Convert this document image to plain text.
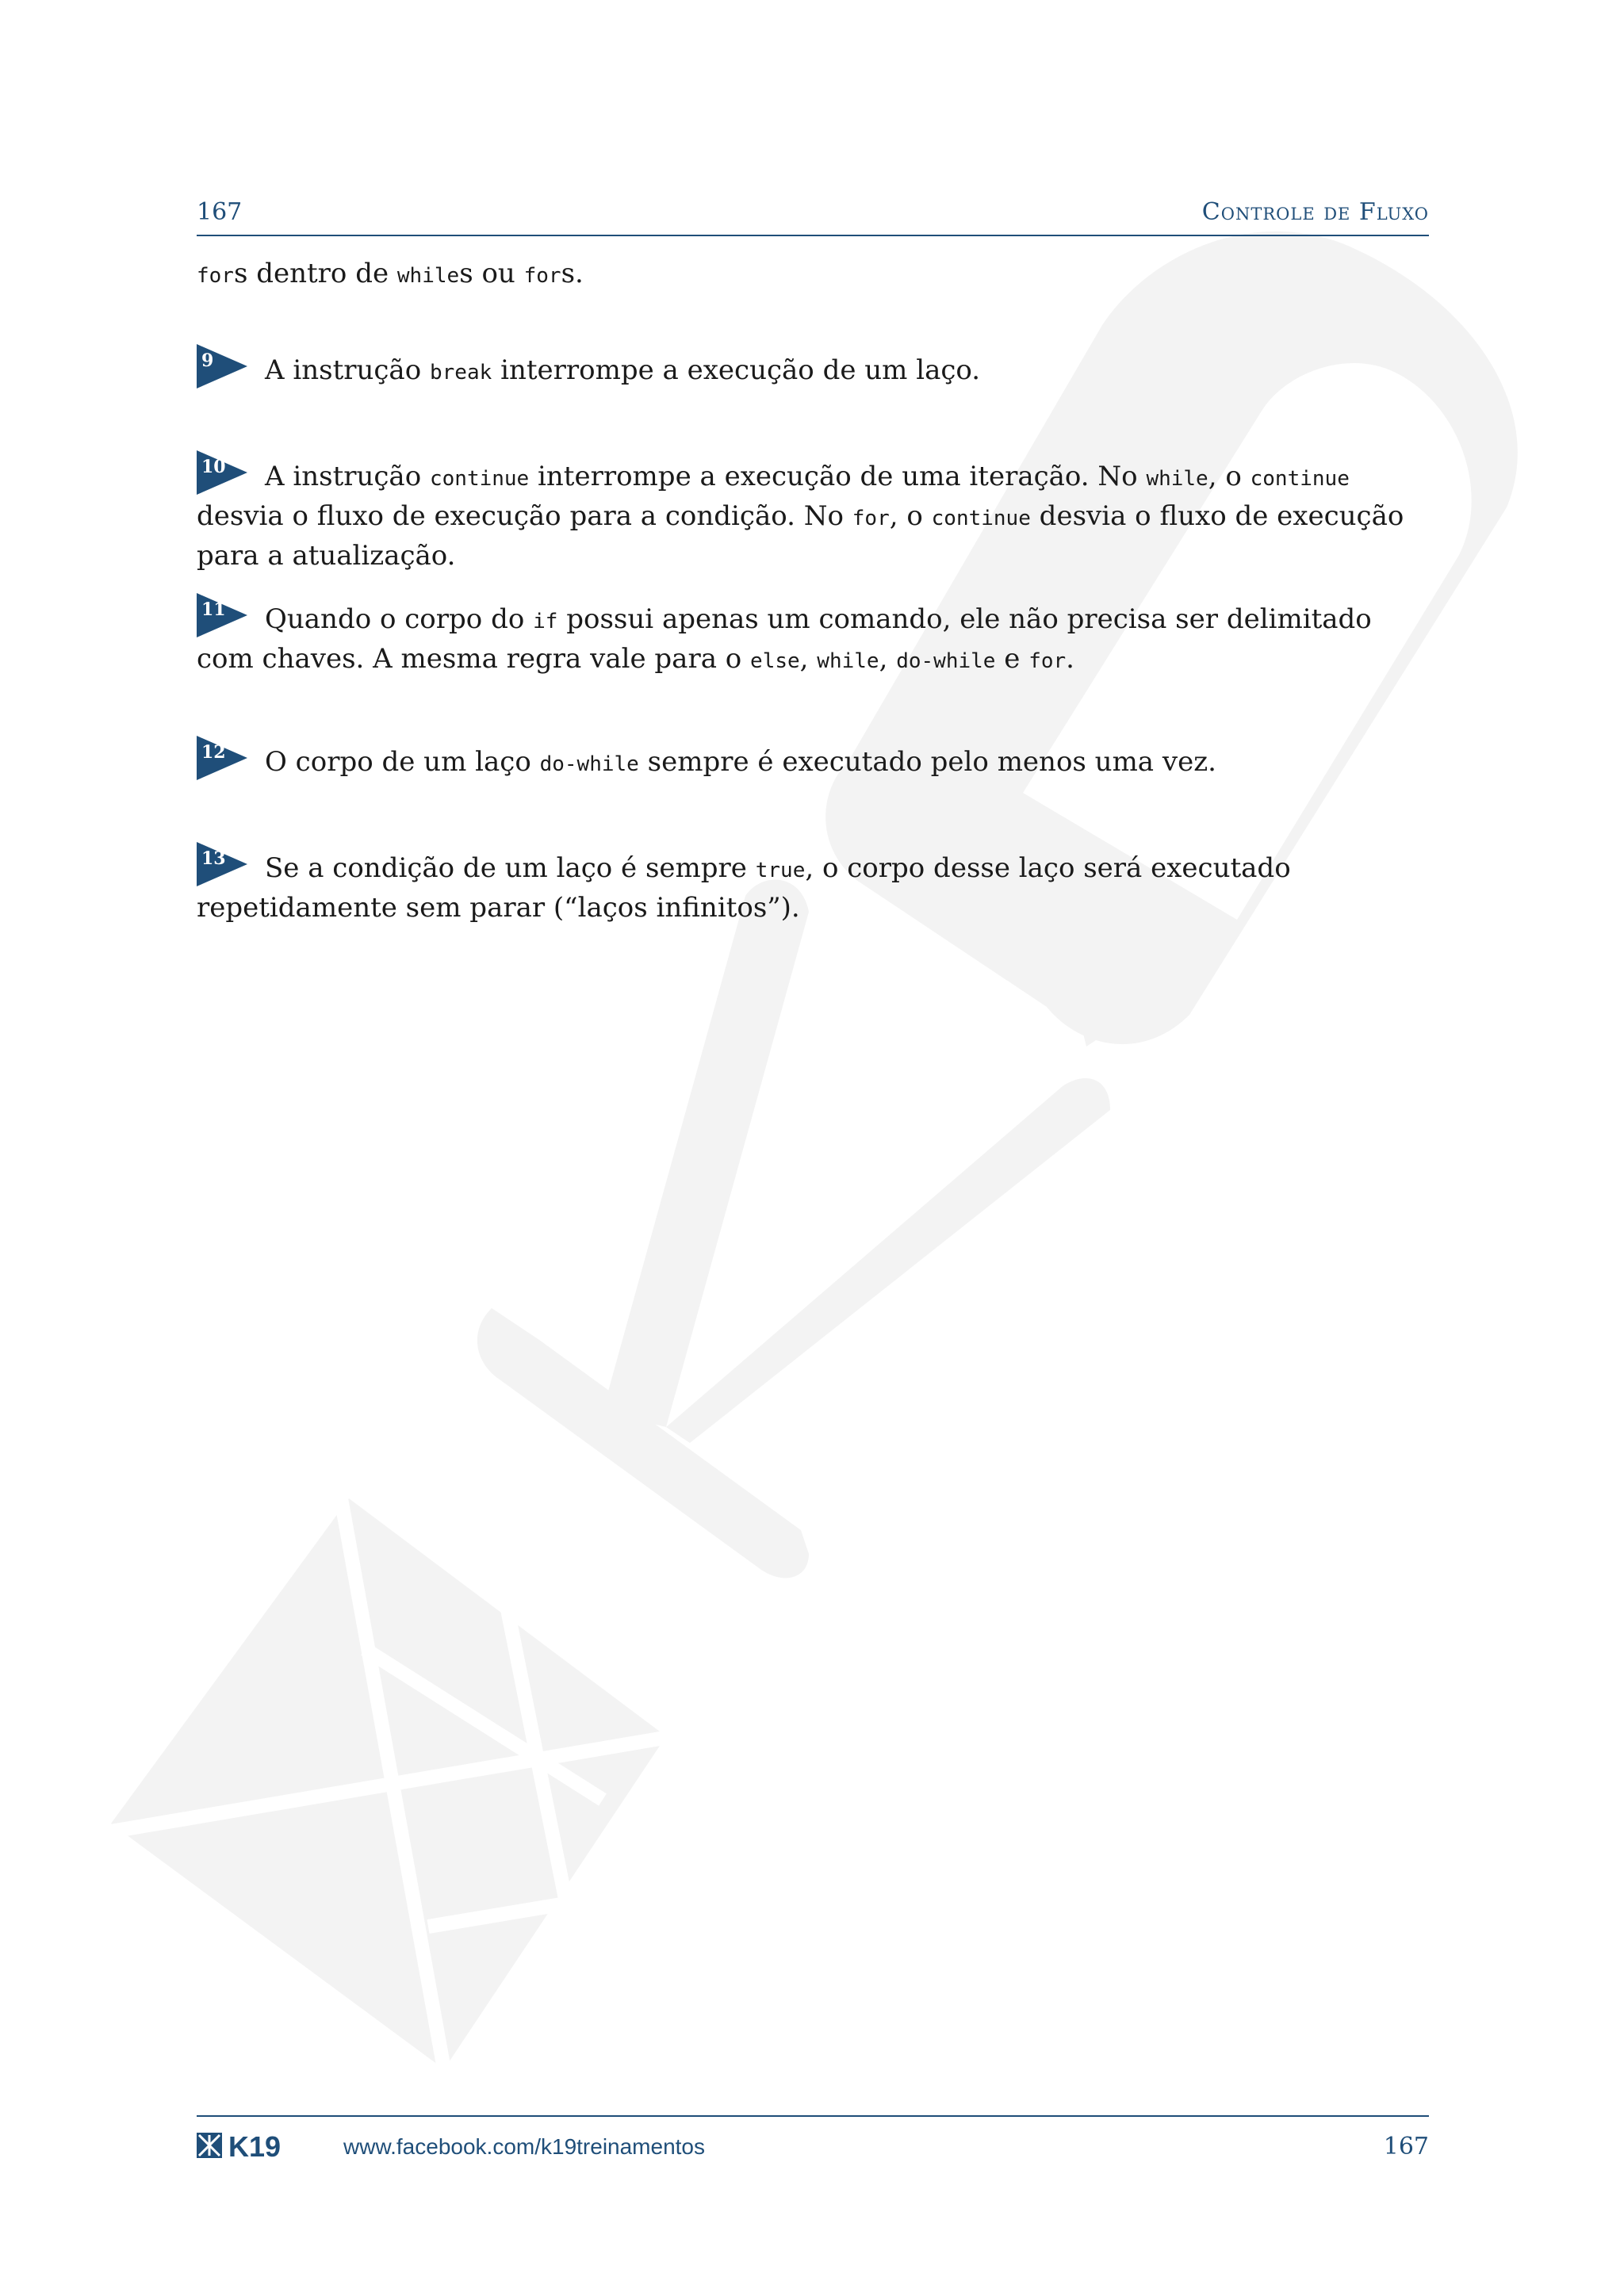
167	Controle de Fluxo
fors dentro de whiles ou fors.
9	A instrução break interrompe a execução de um laço.
10	A instrução continue interrompe a execução de uma iteração. No while, o continue desvia o fluxo de execução para a condição. No for, o continue desvia o fluxo de execução para a atualização.
11	Quando o corpo do if possui apenas um comando, ele não precisa ser delimitado com chaves. A mesma regra vale para o else, while, do-while e for.
12	O corpo de um laço do-while sempre é executado pelo menos uma vez.
13	Se a condição de um laço é sempre true, o corpo desse laço será executado repetidamente sem parar (“laços infinitos”).
K19	www.facebook.com/k19treinamentos	167
